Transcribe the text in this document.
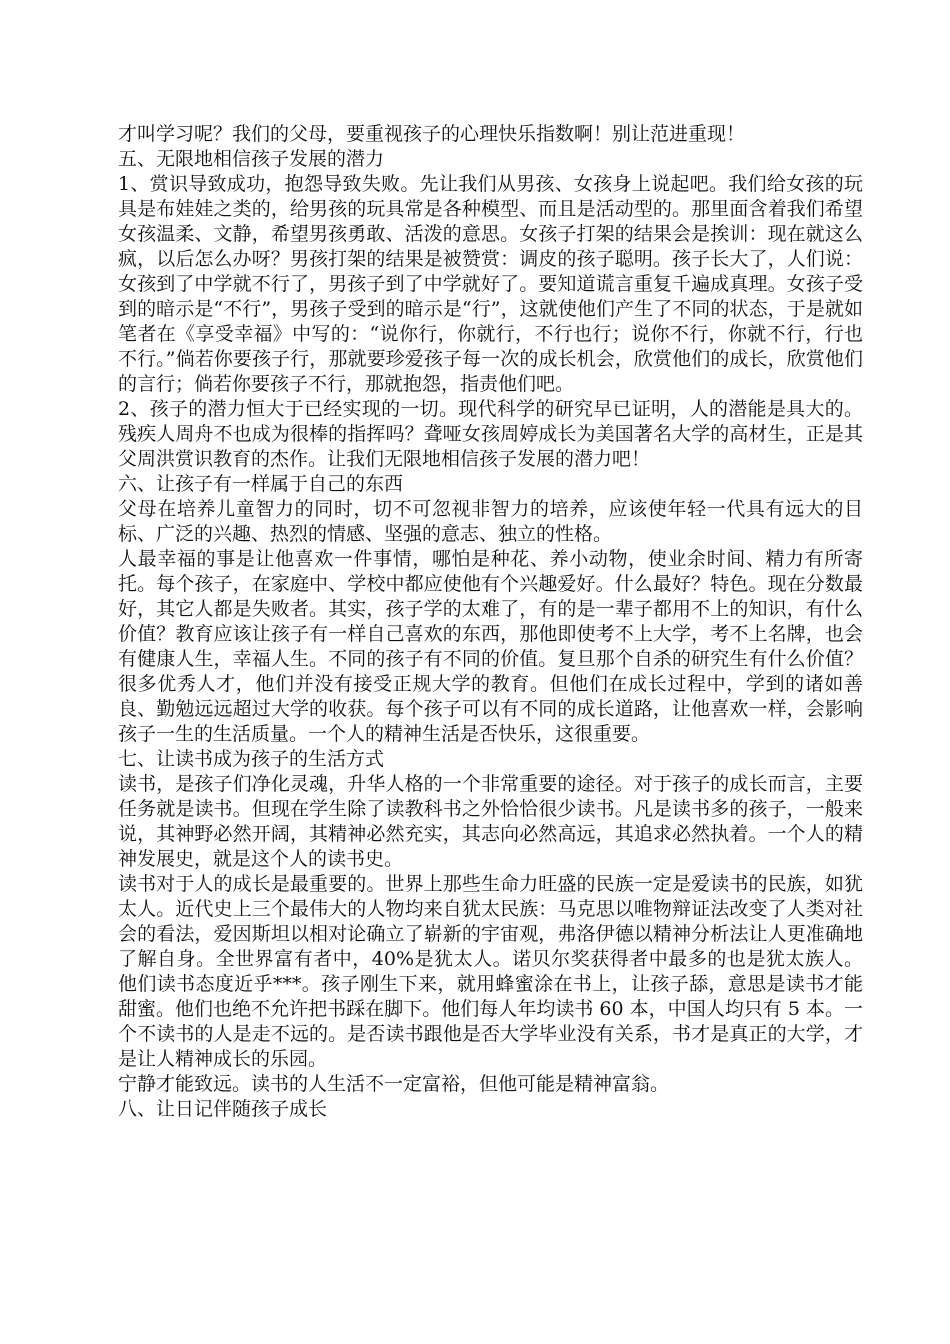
才叫学习呢？我们的父母，要重视孩子的心理快乐指数啊！别让范进重现！

五、无限地相信孩子发展的潜力

1、赏识导致成功，抱怨导致失败。先让我们从男孩、女孩身上说起吧。我们给女孩的玩具是布娃娃之类的，给男孩的玩具常是各种模型、而且是活动型的。那里面含着我们希望女孩温柔、文静，希望男孩勇敢、活泼的意思。女孩子打架的结果会是挨训：现在就这么疯，以后怎么办呀？男孩打架的结果是被赞赏：调皮的孩子聪明。孩子长大了，人们说：女孩到了中学就不行了，男孩子到了中学就好了。要知道谎言重复千遍成真理。女孩子受到的暗示是“不行”，男孩子受到的暗示是“行”，这就使他们产生了不同的状态，于是就如笔者在《享受幸福》中写的：“说你行，你就行，不行也行；说你不行，你就不行，行也不行。”倘若你要孩子行，那就要珍爱孩子每一次的成长机会，欣赏他们的成长，欣赏他们的言行；倘若你要孩子不行，那就抱怨，指责他们吧。

2、孩子的潜力恒大于已经实现的一切。现代科学的研究早已证明，人的潜能是具大的。残疾人周舟不也成为很棒的指挥吗？聋哑女孩周婷成长为美国著名大学的高材生，正是其父周洪赏识教育的杰作。让我们无限地相信孩子发展的潜力吧！

六、让孩子有一样属于自己的东西

父母在培养儿童智力的同时，切不可忽视非智力的培养，应该使年轻一代具有远大的目标、广泛的兴趣、热烈的情感、坚强的意志、独立的性格。

人最幸福的事是让他喜欢一件事情，哪怕是种花、养小动物，使业余时间、精力有所寄托。每个孩子，在家庭中、学校中都应使他有个兴趣爱好。什么最好？特色。现在分数最好，其它人都是失败者。其实，孩子学的太难了，有的是一辈子都用不上的知识，有什么价值？教育应该让孩子有一样自己喜欢的东西，那他即使考不上大学，考不上名牌，也会有健康人生，幸福人生。不同的孩子有不同的价值。复旦那个自杀的研究生有什么价值？很多优秀人才，他们并没有接受正规大学的教育。但他们在成长过程中，学到的诸如善良、勤勉远远超过大学的收获。每个孩子可以有不同的成长道路，让他喜欢一样，会影响孩子一生的生活质量。一个人的精神生活是否快乐，这很重要。

七、让读书成为孩子的生活方式

读书，是孩子们净化灵魂，升华人格的一个非常重要的途径。对于孩子的成长而言，主要任务就是读书。但现在学生除了读教科书之外恰恰很少读书。凡是读书多的孩子，一般来说，其神野必然开阔，其精神必然充实，其志向必然高远，其追求必然执着。一个人的精神发展史，就是这个人的读书史。

读书对于人的成长是最重要的。世界上那些生命力旺盛的民族一定是爱读书的民族，如犹太人。近代史上三个最伟大的人物均来自犹太民族：马克思以唯物辩证法改变了人类对社会的看法，爱因斯坦以相对论确立了崭新的宇宙观，弗洛伊德以精神分析法让人更准确地了解自身。全世界富有者中，40%是犹太人。诺贝尔奖获得者中最多的也是犹太族人。他们读书态度近乎***。孩子刚生下来，就用蜂蜜涂在书上，让孩子舔，意思是读书才能甜蜜。他们也绝不允许把书踩在脚下。他们每人年均读书 60 本，中国人均只有 5 本。一个不读书的人是走不远的。是否读书跟他是否大学毕业没有关系，书才是真正的大学，才是让人精神成长的乐园。

宁静才能致远。读书的人生活不一定富裕，但他可能是精神富翁。

八、让日记伴随孩子成长
